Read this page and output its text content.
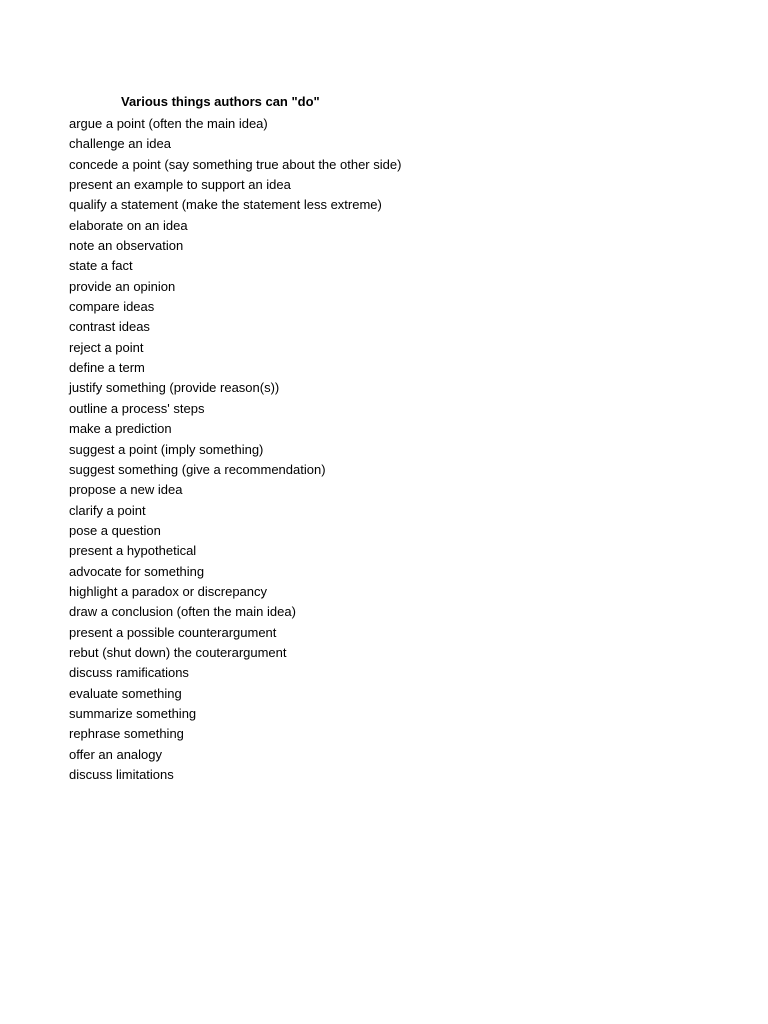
Various things authors can "do"
argue a point (often the main idea)
challenge an idea
concede a point (say something true about the other side)
present an example to support an idea
qualify a statement (make the statement less extreme)
elaborate on an idea
note an observation
state a fact
provide an opinion
compare ideas
contrast ideas
reject a point
define a term
justify something (provide reason(s))
outline a process' steps
make a prediction
suggest a point (imply something)
suggest something (give a recommendation)
propose a new idea
clarify a point
pose a question
present a hypothetical
advocate for something
highlight a paradox or discrepancy
draw a conclusion (often the main idea)
present a possible counterargument
rebut (shut down) the couterargument
discuss ramifications
evaluate something
summarize something
rephrase something
offer an analogy
discuss limitations
